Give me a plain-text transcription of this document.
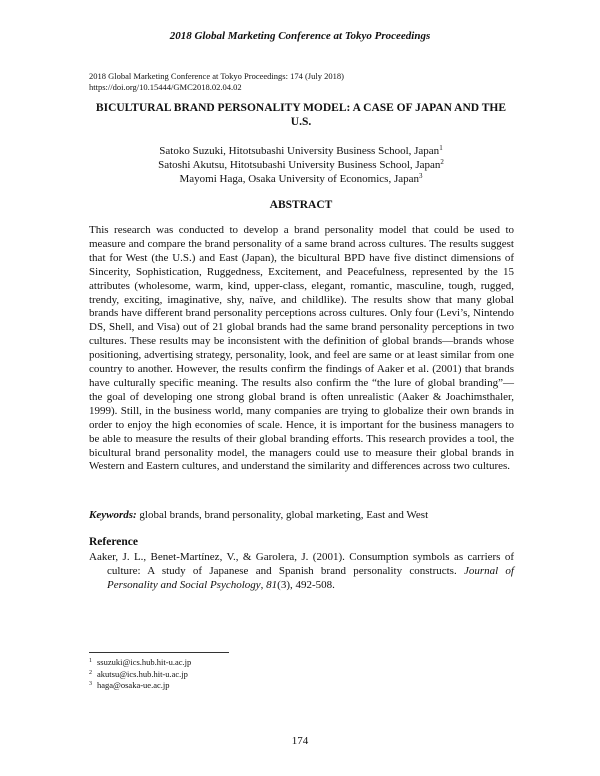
2018 Global Marketing Conference at Tokyo Proceedings
2018 Global Marketing Conference at Tokyo Proceedings: 174 (July 2018)
https://doi.org/10.15444/GMC2018.02.04.02
BICULTURAL BRAND PERSONALITY MODEL: A CASE OF JAPAN AND THE U.S.
Satoko Suzuki, Hitotsubashi University Business School, Japan$^1$
Satoshi Akutsu, Hitotsubashi University Business School, Japan$^2$
Mayomi Haga, Osaka University of Economics, Japan$^3$
ABSTRACT

This research was conducted to develop a brand personality model that could be used to measure and compare the brand personality of a same brand across cultures. The results suggest that for West (the U.S.) and East (Japan), the bicultural BPD have five distinct dimensions of Sincerity, Sophistication, Ruggedness, Excitement, and Peacefulness, represented by the 15 attributes (wholesome, warm, kind, upper-class, elegant, romantic, masculine, tough, rugged, trendy, exciting, imaginative, shy, naïve, and childlike). The results show that many global brands have different brand personality perceptions across cultures. Only four (Levi’s, Nintendo DS, Shell, and Visa) out of 21 global brands had the same brand personality perceptions in two cultures. These results may be inconsistent with the definition of global brands—brands whose positioning, advertising strategy, personality, look, and feel are same or at least similar from one country to another. However, the results confirm the findings of Aaker et al. (2001) that brands have culturally specific meaning. The results also confirm the “the lure of global branding”—the goal of developing one strong global brand is often unrealistic (Aaker & Joachimsthaler, 1999). Still, in the business world, many companies are trying to globalize their own brands in order to enjoy the high economies of scale. Hence, it is important for the business managers to be able to measure the results of their global branding efforts. This research provides a tool, the bicultural brand personality model, the managers could use to measure their global brands in Western and Eastern cultures, and understand the similarity and differences across two cultures.

Keywords: global brands, brand personality, global marketing, East and West
Reference
Aaker, J. L., Benet-Martínez, V., & Garolera, J. (2001). Consumption symbols as carriers of culture: A study of Japanese and Spanish brand personality constructs. Journal of Personality and Social Psychology, 81(3), 492-508.
$^1$ ssuzuki@ics.hub.hit-u.ac.jp
$^2$ akutsu@ics.hub.hit-u.ac.jp
$^3$ haga@osaka-ue.ac.jp
174
